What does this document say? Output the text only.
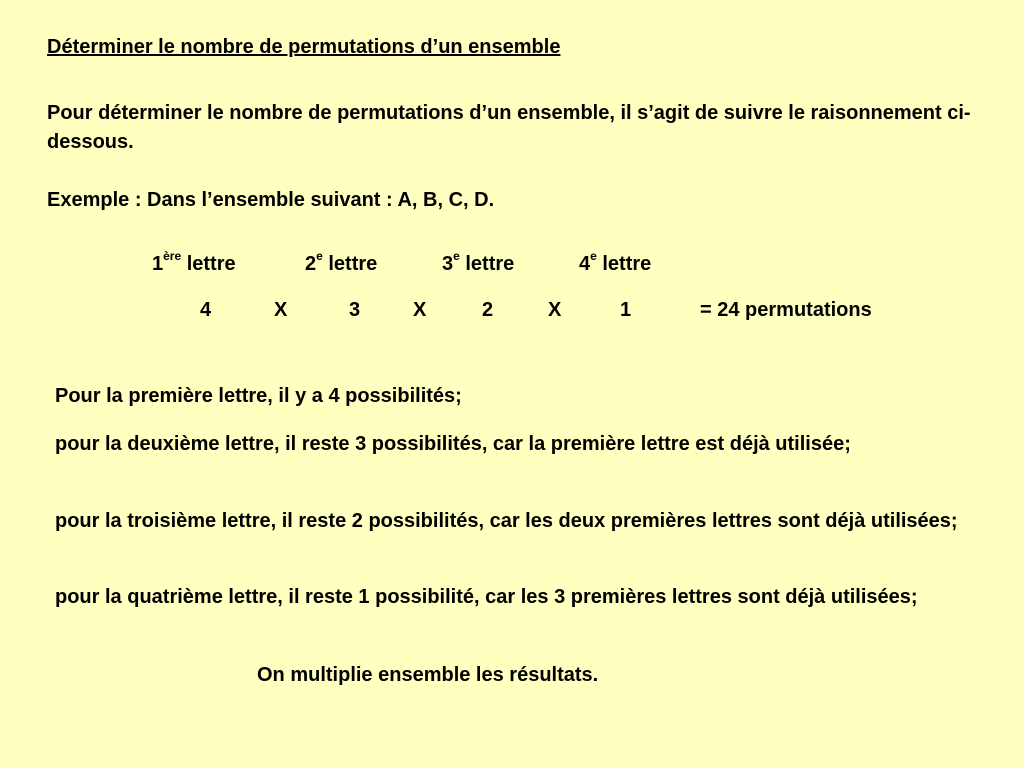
Déterminer le nombre de permutations d’un ensemble
Pour déterminer le nombre de permutations d’un ensemble, il s’agit de suivre le raisonnement ci-dessous.
Exemple : Dans l’ensemble suivant : A, B, C, D.
1ère lettre	2e lettre	3e lettre	4e lettre
4	X	3	X	2	X	1	= 24 permutations
Pour la première lettre, il y a 4 possibilités;
pour la deuxième lettre, il reste 3 possibilités, car la première lettre est déjà utilisée;
pour la troisième lettre, il reste 2 possibilités, car les deux premières lettres sont déjà utilisées;
pour la quatrième lettre, il reste 1 possibilité, car les 3 premières lettres sont déjà utilisées;
On multiplie ensemble les résultats.
